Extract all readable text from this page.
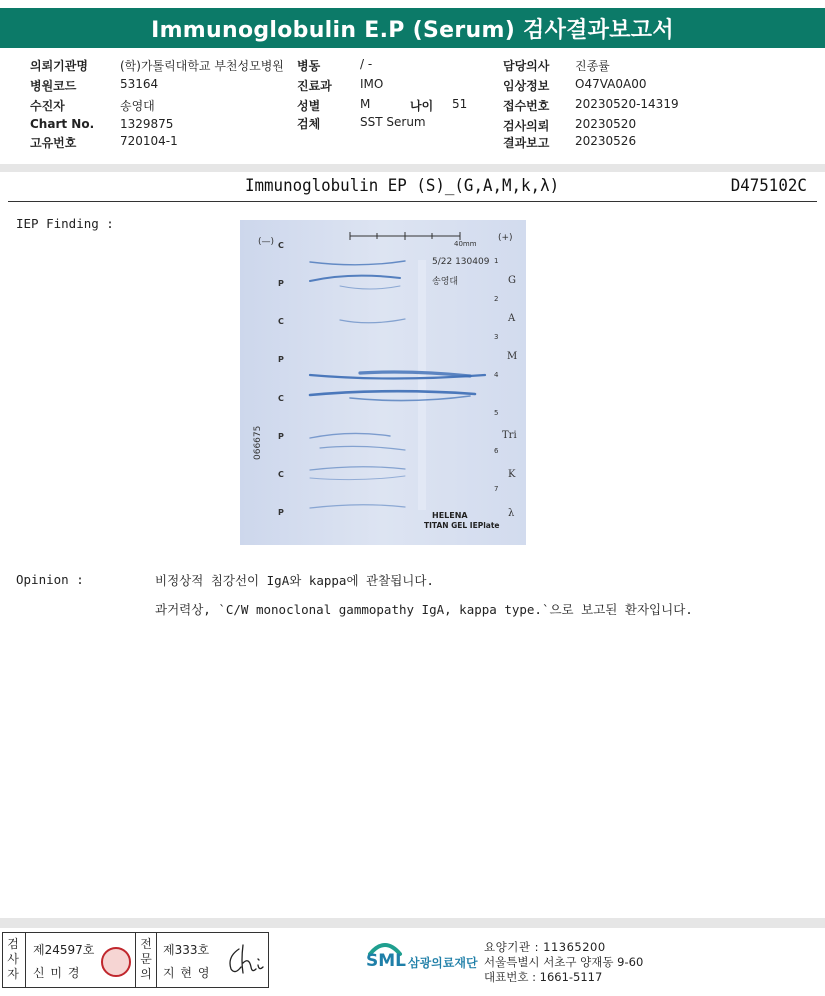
Immunoglobulin E.P (Serum) 검사결과보고서
의뢰기관명	(학)가톨릭대학교 부천성모병원
병원코드	53164
수진자	송영대
Chart No. 1329875
고유번호	720104-1
병동	/ -
진료과 IMO
성별	M	나이 51
검체	SST Serum
담당의사 진종률
임상정보 O47VA0A00
접수번호 20230520-14319
검사의뢰 20230520
결과보고 20230526
Immunoglobulin EP (S)_(G,A,M,k,λ)	D475102C
IEP Finding :
40mm
(—)	(+)
5/22 130409
송영대
066675
HELENA
TITAN GEL IEPlate
C
P
C
P
C
P
C
P
1
2
3
4
5
6
7
G
A
M
Tri
K
λ
Opinion :	비정상적 침강선이 IgA와 kappa에 관찰됩니다.
과거력상, `C/W monoclonal gammopathy IgA, kappa type.`으로 보고된 환자입니다.
검사자
제24597호
신 미 경
전문의
제333호
지 현 영
SML 삼광의료재단
요양기관 : 11365200
서울특별시 서초구 양재동 9-60
대표번호 : 1661-5117
